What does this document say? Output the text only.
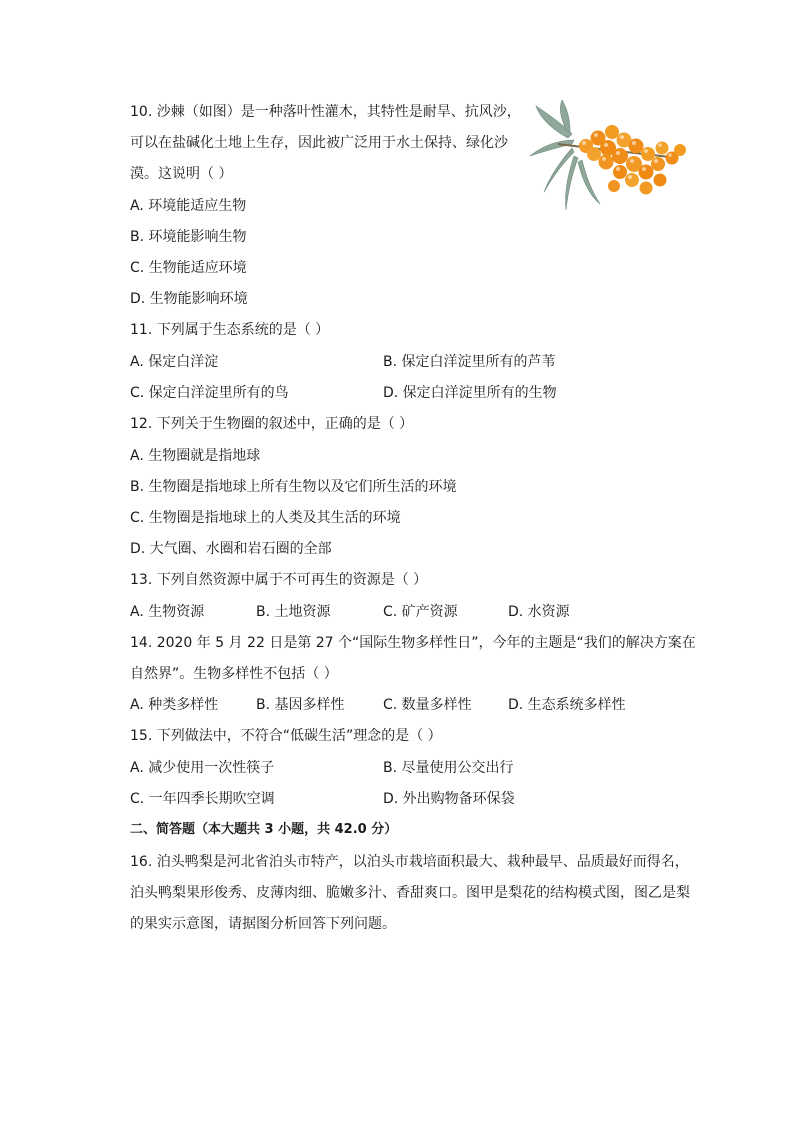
10. 沙棘（如图）是一种落叶性灌木，其特性是耐旱、抗风沙，
可以在盐碱化土地上生存，因此被广泛用于水土保持、绿化沙
漠。这说明（ ）
A. 环境能适应生物
B. 环境能影响生物
C. 生物能适应环境
D. 生物能影响环境
11. 下列属于生态系统的是（ ）
A. 保定白洋淀	B. 保定白洋淀里所有的芦苇
C. 保定白洋淀里所有的鸟	D. 保定白洋淀里所有的生物
12. 下列关于生物圈的叙述中，正确的是（ ）
A. 生物圈就是指地球
B. 生物圈是指地球上所有生物以及它们所生活的环境
C. 生物圈是指地球上的人类及其生活的环境
D. 大气圈、水圈和岩石圈的全部
13. 下列自然资源中属于不可再生的资源是（ ）
A. 生物资源	B. 土地资源	C. 矿产资源	D. 水资源
14. 2020 年 5 月 22 日是第 27 个“国际生物多样性日”，今年的主题是“我们的解决方案在
自然界”。生物多样性不包括（ ）
A. 种类多样性	B. 基因多样性	C. 数量多样性	D. 生态系统多样性
15. 下列做法中，不符合“低碳生活”理念的是（ ）
A. 减少使用一次性筷子	B. 尽量使用公交出行
C. 一年四季长期吹空调	D. 外出购物备环保袋
二、简答题（本大题共 3 小题，共 42.0 分）
16. 泊头鸭梨是河北省泊头市特产，以泊头市栽培面积最大、栽种最早、品质最好而得名，
泊头鸭梨果形俊秀、皮薄肉细、脆嫩多汁、香甜爽口。图甲是梨花的结构模式图，图乙是梨
的果实示意图，请据图分析回答下列问题。
